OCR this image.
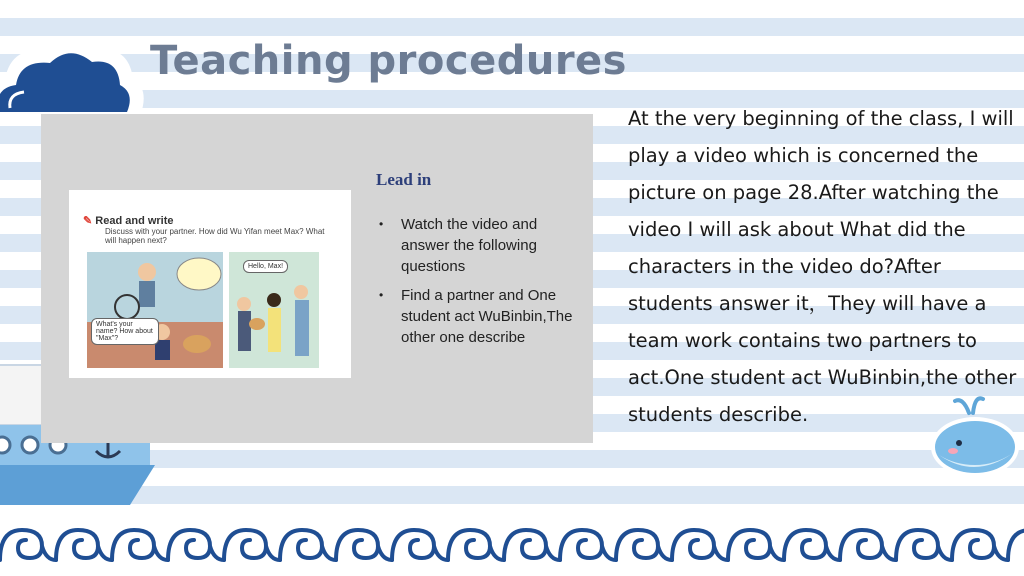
Teaching procedures
✎ Read and write
Discuss with your partner. How did Wu Yifan meet Max? What will happen next?
What's your name? How about "Max"?
Hello, Max!
Lead in
• Watch the video and answer the following questions
• Find a partner and One student act WuBinbin,The other one describe

At the very beginning of the class, I will play a video which is concerned the picture on page 28.After watching the video I will ask about What did the characters in the video do?After students answer it，They will have a team work contains two partners to act.One student act WuBinbin,the other students describe.
